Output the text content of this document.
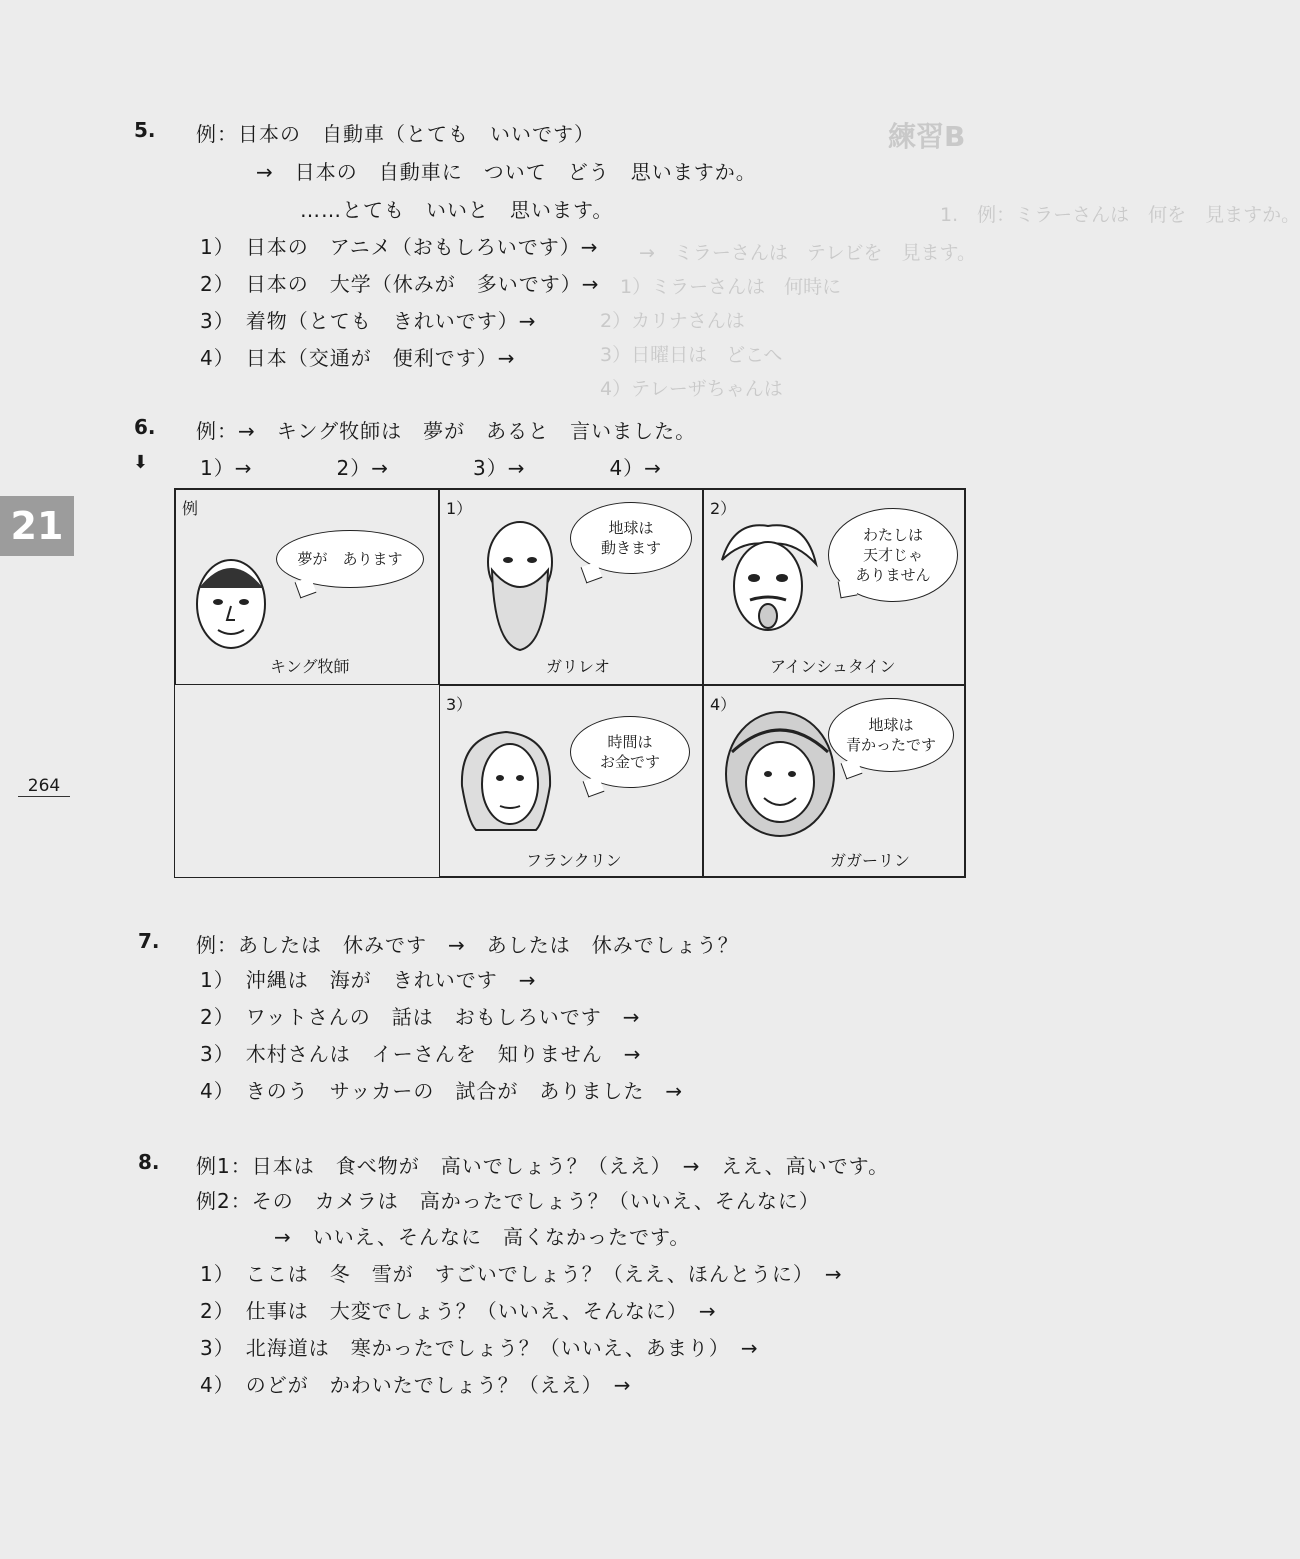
練習B
1.　例：ミラーさんは　何を　見ますか。
　→　ミラーさんは　テレビを　見ます。
1）ミラーさんは　何時に
2）カリナさんは
3）日曜日は　どこへ
4）テレーザちゃんは
21
264
5. 例：日本の　自動車（とても　いいです）
→　日本の　自動車に　ついて　どう　思いますか。
……とても　いいと　思います。
1）　日本の　アニメ（おもしろいです）→
2）　日本の　大学（休みが　多いです）→
3）　着物（とても　きれいです）→
4）　日本（交通が　便利です）→
6. 例：→　キング牧師は　夢が　あると　言いました。
⬇	1）→　　　　2）→　　　　3）→　　　　4）→
例
夢が　あります
キング牧師
1）
地球は
動きます
ガリレオ
2）
わたしは
天才じゃ
ありません
アインシュタイン
3）
時間は
お金です
フランクリン
4）
地球は
青かったです
ガガーリン
7. 例：あしたは　休みです　→　あしたは　休みでしょう？
1）　沖縄は　海が　きれいです　→
2）　ワットさんの　話は　おもしろいです　→
3）　木村さんは　イーさんを　知りません　→
4）　きのう　サッカーの　試合が　ありました　→
8. 例1：日本は　食べ物が　高いでしょう？（ええ）　→　ええ、高いです。
例2：その　カメラは　高かったでしょう？（いいえ、そんなに）
→　いいえ、そんなに　高くなかったです。
1）　ここは　冬　雪が　すごいでしょう？（ええ、ほんとうに）　→
2）　仕事は　大変でしょう？（いいえ、そんなに）　→
3）　北海道は　寒かったでしょう？（いいえ、あまり）　→
4）　のどが　かわいたでしょう？（ええ）　→
